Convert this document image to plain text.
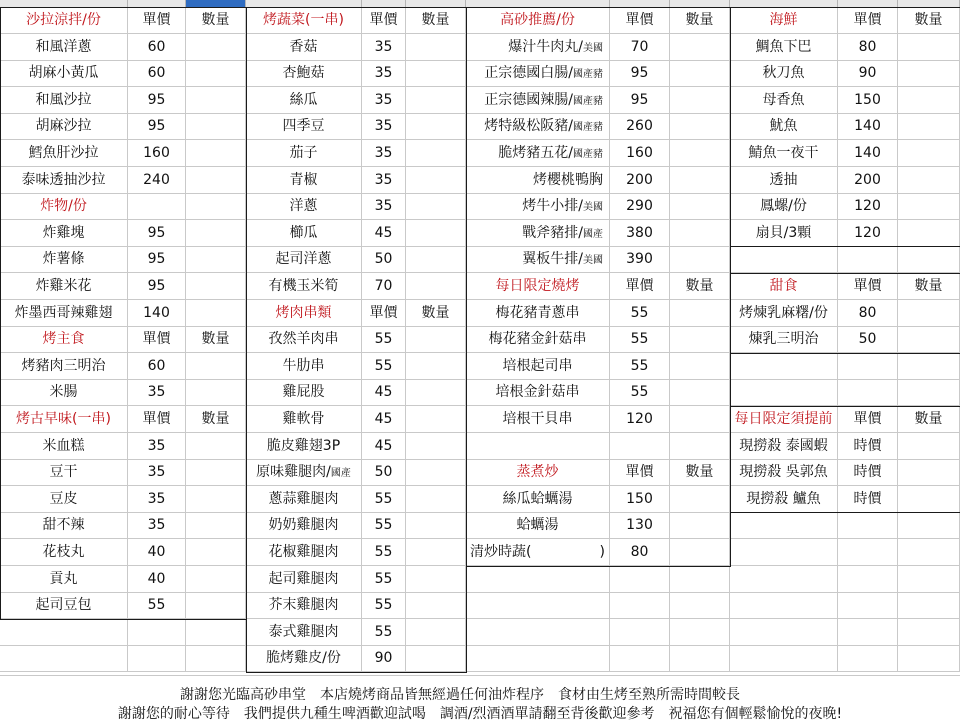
沙拉涼拌/份	單價	數量
和風洋蔥	60
胡麻小黃瓜	60
和風沙拉	95
胡麻沙拉	95
鱈魚肝沙拉	160
泰味透抽沙拉	240
炸物/份
炸雞塊	95
炸薯條	95
炸雞米花	95
炸墨西哥辣雞翅	140
烤主食	單價	數量
烤豬肉三明治	60
米腸	35
烤古早味(一串)	單價	數量
米血糕	35
豆干	35
豆皮	35
甜不辣	35
花枝丸	40
貢丸	40
起司豆包	55
烤蔬菜(一串)	單價	數量
香菇	35
杏鮑菇	35
絲瓜	35
四季豆	35
茄子	35
青椒	35
洋蔥	35
櫛瓜	45
起司洋蔥	50
有機玉米筍	70
烤肉串類	單價	數量
孜然羊肉串	55
牛肋串	55
雞屁股	45
雞軟骨	45
脆皮雞翅3P	45
原味雞腿肉/國產	50
蔥蒜雞腿肉	55
奶奶雞腿肉	55
花椒雞腿肉	55
起司雞腿肉	55
芥末雞腿肉	55
泰式雞腿肉	55
脆烤雞皮/份	90
高砂推薦/份	單價	數量
爆汁牛肉丸/美國	70
正宗德國白腸/國產豬	95
正宗德國辣腸/國產豬	95
烤特級松阪豬/國產豬	260
脆烤豬五花/國產豬	160
烤櫻桃鴨胸	200
烤牛小排/美國	290
戰斧豬排/國產	380
翼板牛排/美國	390
每日限定燒烤	單價	數量
梅花豬青蔥串	55
梅花豬金針菇串	55
培根起司串	55
培根金針菇串	55
培根干貝串	120
蒸煮炒	單價	數量
絲瓜蛤蠣湯	150
蛤蠣湯	130
清炒時蔬(	)	80
海鮮	單價	數量
鯛魚下巴	80
秋刀魚	90
母香魚	150
魷魚	140
鯖魚一夜干	140
透抽	200
鳳螺/份	120
扇貝/3顆	120
甜食	單價	數量
烤煉乳麻糬/份	80
煉乳三明治	50
每日限定須提前	單價	數量
現撈殺 泰國蝦	時價
現撈殺 吳郭魚	時價
現撈殺 鱸魚	時價
謝謝您光臨高砂串堂　本店燒烤商品皆無經過任何油炸程序　食材由生烤至熟所需時間較長
謝謝您的耐心等待　我們提供九種生啤酒歡迎試喝　調酒/烈酒酒單請翻至背後歡迎參考　祝福您有個輕鬆愉悅的夜晚!
